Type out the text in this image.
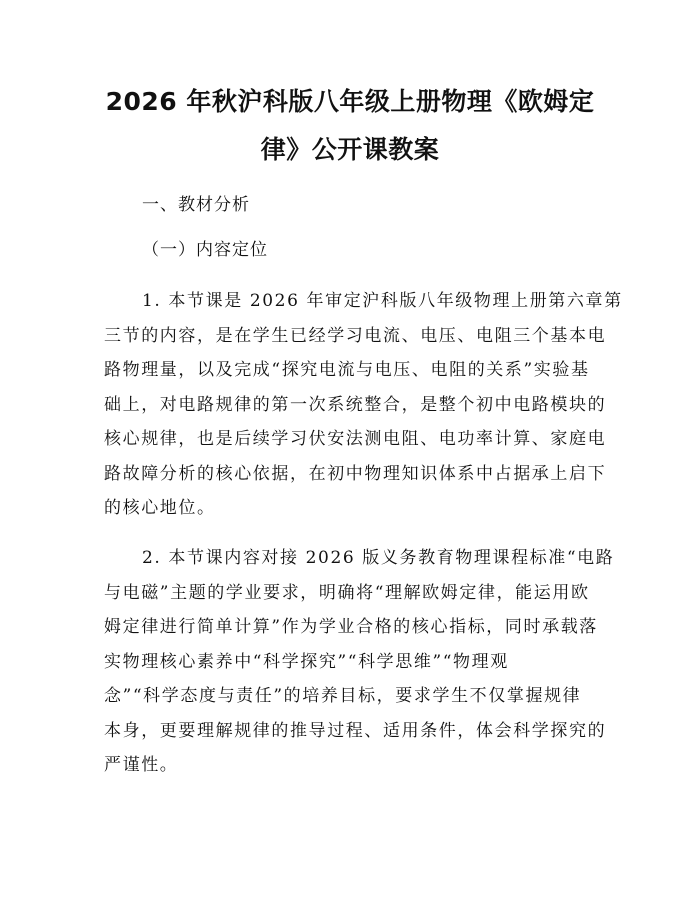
2026 年秋沪科版八年级上册物理《欧姆定
律》公开课教案

一、教材分析

（一）内容定位

1. 本节课是 2026 年审定沪科版八年级物理上册第六章第
三节的内容，是在学生已经学习电流、电压、电阻三个基本电
路物理量，以及完成“探究电流与电压、电阻的关系”实验基
础上，对电路规律的第一次系统整合，是整个初中电路模块的
核心规律，也是后续学习伏安法测电阻、电功率计算、家庭电
路故障分析的核心依据，在初中物理知识体系中占据承上启下
的核心地位。

2. 本节课内容对接 2026 版义务教育物理课程标准“电路
与电磁”主题的学业要求，明确将“理解欧姆定律，能运用欧
姆定律进行简单计算”作为学业合格的核心指标，同时承载落
实物理核心素养中“科学探究”“科学思维”“物理观
念”“科学态度与责任”的培养目标，要求学生不仅掌握规律
本身，更要理解规律的推导过程、适用条件，体会科学探究的
严谨性。
